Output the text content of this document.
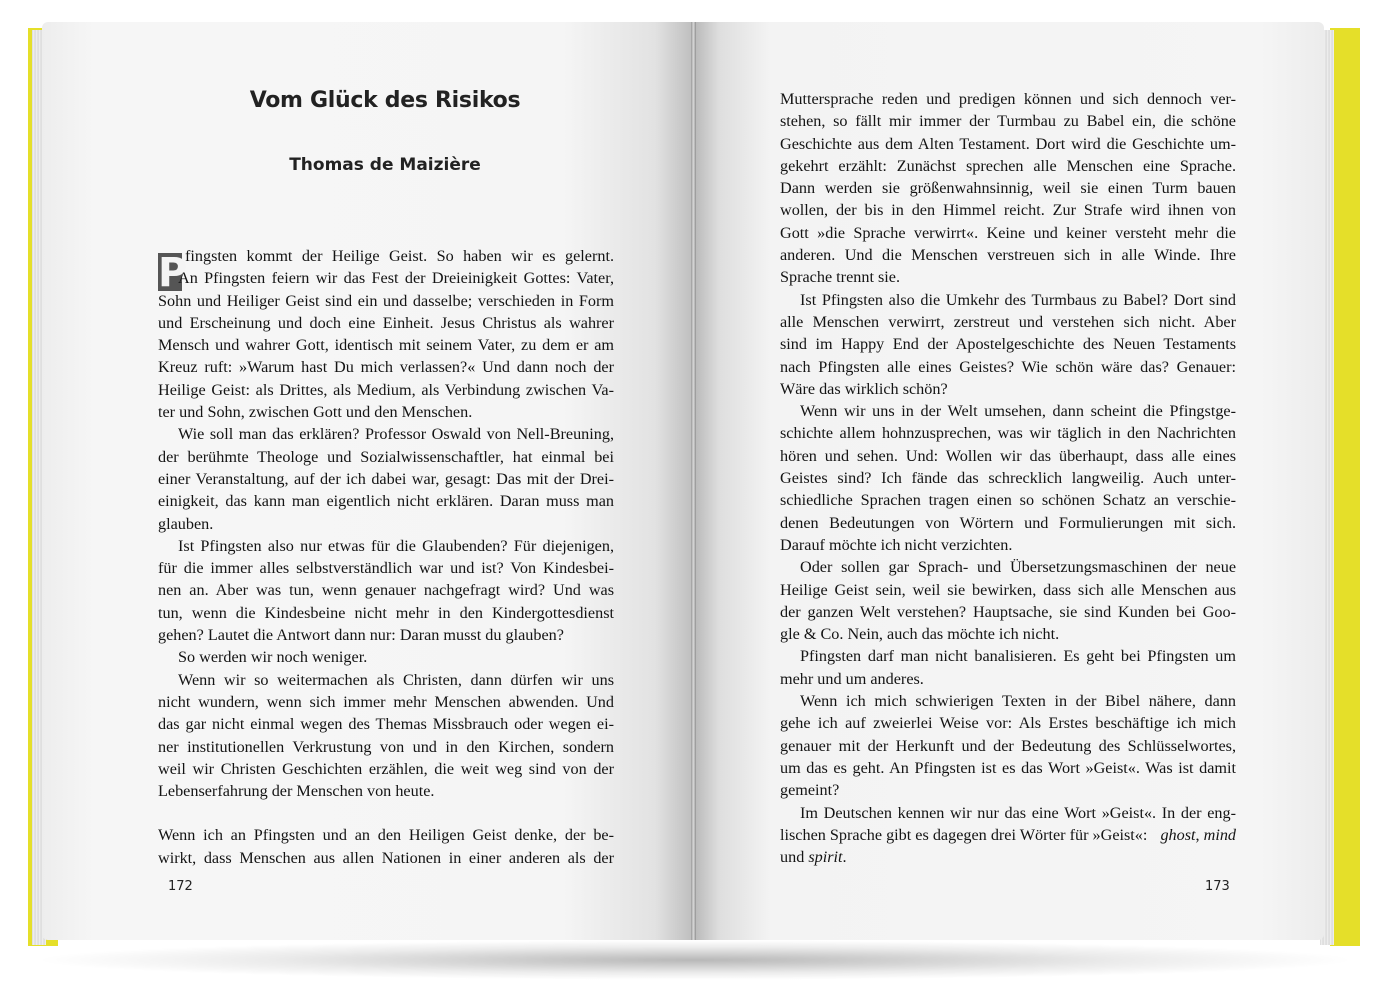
Vom Glück des Risikos
Thomas de Maizière
P
fingsten kommt der Heilige Geist. So haben wir es gelernt.
An Pfingsten feiern wir das Fest der Dreieinigkeit Gottes: Vater,
Sohn und Heiliger Geist sind ein und dasselbe; verschieden in Form
und Erscheinung und doch eine Einheit. Jesus Christus als wahrer
Mensch und wahrer Gott, identisch mit seinem Vater, zu dem er am
Kreuz ruft: »Warum hast Du mich verlassen?« Und dann noch der
Heilige Geist: als Drittes, als Medium, als Verbindung zwischen Va-
ter und Sohn, zwischen Gott und den Menschen.
Wie soll man das erklären? Professor Oswald von Nell-Breuning,
der berühmte Theologe und Sozialwissenschaftler, hat einmal bei
einer Veranstaltung, auf der ich dabei war, gesagt: Das mit der Drei-
einigkeit, das kann man eigentlich nicht erklären. Daran muss man
glauben.
Ist Pfingsten also nur etwas für die Glaubenden? Für diejenigen,
für die immer alles selbstverständlich war und ist? Von Kindesbei-
nen an. Aber was tun, wenn genauer nachgefragt wird? Und was
tun, wenn die Kindesbeine nicht mehr in den Kindergottesdienst
gehen? Lautet die Antwort dann nur: Daran musst du glauben?
So werden wir noch weniger.
Wenn wir so weitermachen als Christen, dann dürfen wir uns
nicht wundern, wenn sich immer mehr Menschen abwenden. Und
das gar nicht einmal wegen des Themas Missbrauch oder wegen ei-
ner institutionellen Verkrustung von und in den Kirchen, sondern
weil wir Christen Geschichten erzählen, die weit weg sind von der
Lebenserfahrung der Menschen von heute.
Wenn ich an Pfingsten und an den Heiligen Geist denke, der be-
wirkt, dass Menschen aus allen Nationen in einer anderen als der
172
Muttersprache reden und predigen können und sich dennoch ver-
stehen, so fällt mir immer der Turmbau zu Babel ein, die schöne
Geschichte aus dem Alten Testament. Dort wird die Geschichte um-
gekehrt erzählt: Zunächst sprechen alle Menschen eine Sprache.
Dann werden sie größenwahnsinnig, weil sie einen Turm bauen
wollen, der bis in den Himmel reicht. Zur Strafe wird ihnen von
Gott »die Sprache verwirrt«. Keine und keiner versteht mehr die
anderen. Und die Menschen verstreuen sich in alle Winde. Ihre
Sprache trennt sie.
Ist Pfingsten also die Umkehr des Turmbaus zu Babel? Dort sind
alle Menschen verwirrt, zerstreut und verstehen sich nicht. Aber
sind im Happy End der Apostelgeschichte des Neuen Testaments
nach Pfingsten alle eines Geistes? Wie schön wäre das? Genauer:
Wäre das wirklich schön?
Wenn wir uns in der Welt umsehen, dann scheint die Pfingstge-
schichte allem hohnzusprechen, was wir täglich in den Nachrichten
hören und sehen. Und: Wollen wir das überhaupt, dass alle eines
Geistes sind? Ich fände das schrecklich langweilig. Auch unter-
schiedliche Sprachen tragen einen so schönen Schatz an verschie-
denen Bedeutungen von Wörtern und Formulierungen mit sich.
Darauf möchte ich nicht verzichten.
Oder sollen gar Sprach- und Übersetzungsmaschinen der neue
Heilige Geist sein, weil sie bewirken, dass sich alle Menschen aus
der ganzen Welt verstehen? Hauptsache, sie sind Kunden bei Goo-
gle & Co. Nein, auch das möchte ich nicht.
Pfingsten darf man nicht banalisieren. Es geht bei Pfingsten um
mehr und um anderes.
Wenn ich mich schwierigen Texten in der Bibel nähere, dann
gehe ich auf zweierlei Weise vor: Als Erstes beschäftige ich mich
genauer mit der Herkunft und der Bedeutung des Schlüsselwortes,
um das es geht. An Pfingsten ist es das Wort »Geist«. Was ist damit
gemeint?
Im Deutschen kennen wir nur das eine Wort »Geist«. In der eng-
lischen Sprache gibt es dagegen drei Wörter für »Geist«: ghost, mind
und spirit.
173
